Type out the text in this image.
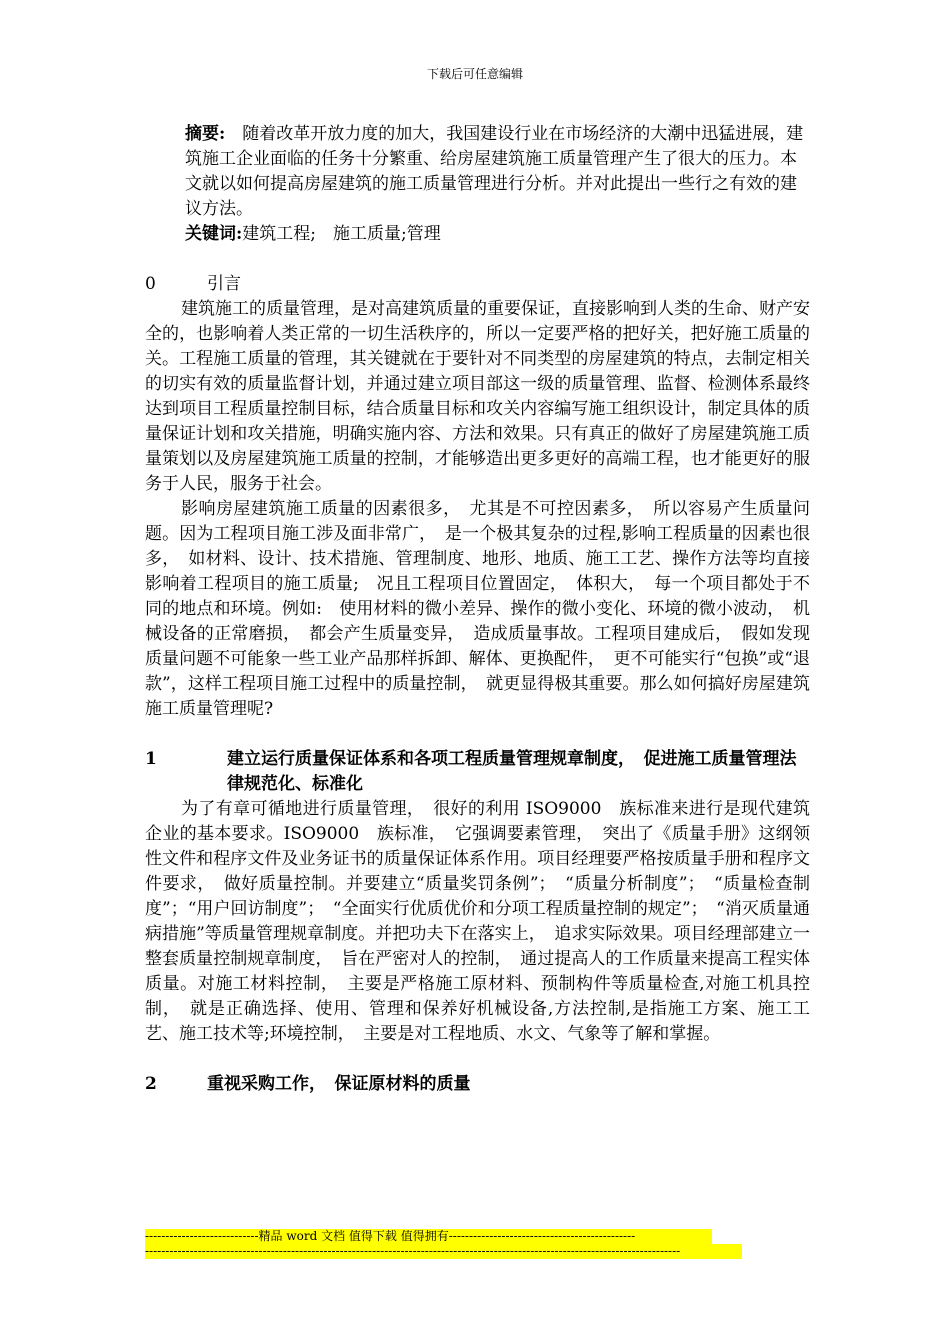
下载后可任意编辑

摘要:　 随着改革开放力度的加大，我国建设行业在市场经济的大潮中迅猛进展，建筑施工企业面临的任务十分繁重、给房屋建筑施工质量管理产生了很大的压力。本文就以如何提高房屋建筑的施工质量管理进行分析。并对此提出一些行之有效的建议方法。

关键词:建筑工程;　施工质量;管理

0	引言

建筑施工的质量管理，是对高建筑质量的重要保证，直接影响到人类的生命、财产安全的，也影响着人类正常的一切生活秩序的，所以一定要严格的把好关，把好施工质量的关。工程施工质量的管理，其关键就在于要针对不同类型的房屋建筑的特点，去制定相关的切实有效的质量监督计划，并通过建立项目部这一级的质量管理、监督、检测体系最终达到项目工程质量控制目标，结合质量目标和攻关内容编写施工组织设计，制定具体的质量保证计划和攻关措施，明确实施内容、方法和效果。只有真正的做好了房屋建筑施工质量策划以及房屋建筑施工质量的控制，才能够造出更多更好的高端工程，也才能更好的服务于人民，服务于社会。

影响房屋建筑施工质量的因素很多，　尤其是不可控因素多，　所以容易产生质量问题。因为工程项目施工涉及面非常广，　是一个极其复杂的过程,影响工程质量的因素也很多，　如材料、设计、技术措施、管理制度、地形、地质、施工工艺、操作方法等均直接影响着工程项目的施工质量;　况且工程项目位置固定，　体积大，　每一个项目都处于不同的地点和环境。例如:　使用材料的微小差异、操作的微小变化、环境的微小波动，　机械设备的正常磨损，　都会产生质量变异，　造成质量事故。工程项目建成后，　假如发现质量问题不可能象一些工业产品那样拆卸、解体、更换配件，　更不可能实行“包换”或“退款”，这样工程项目施工过程中的质量控制，　就更显得极其重要。那么如何搞好房屋建筑施工质量管理呢?

1	建立运行质量保证体系和各项工程质量管理规章制度，　促进施工质量管理法律规范化、标准化

为了有章可循地进行质量管理，　很好的利用 ISO9000　族标准来进行是现代建筑企业的基本要求。ISO9000　族标准，　它强调要素管理，　突出了《质量手册》这纲领性文件和程序文件及业务证书的质量保证体系作用。项目经理要严格按质量手册和程序文件要求，　做好质量控制。并要建立“质量奖罚条例”；　“质量分析制度”；　“质量检查制度”；“用户回访制度”；　“全面实行优质优价和分项工程质量控制的规定”；　“消灭质量通病措施”等质量管理规章制度。并把功夫下在落实上，　追求实际效果。项目经理部建立一整套质量控制规章制度，　旨在严密对人的控制，　通过提高人的工作质量来提高工程实体质量。对施工材料控制，　主要是严格施工原材料、预制构件等质量检查,对施工机具控制，　就是正确选择、使用、管理和保养好机械设备,方法控制,是指施工方案、施工工艺、施工技术等;环境控制，　主要是对工程地质、水文、气象等了解和掌握。

2	重视采购工作，　保证原材料的质量
----------------------------精品 word 文档 值得下载 值得拥有----------------------------------------------
------------------------------------------------------------------------------------------------------------------------------------
